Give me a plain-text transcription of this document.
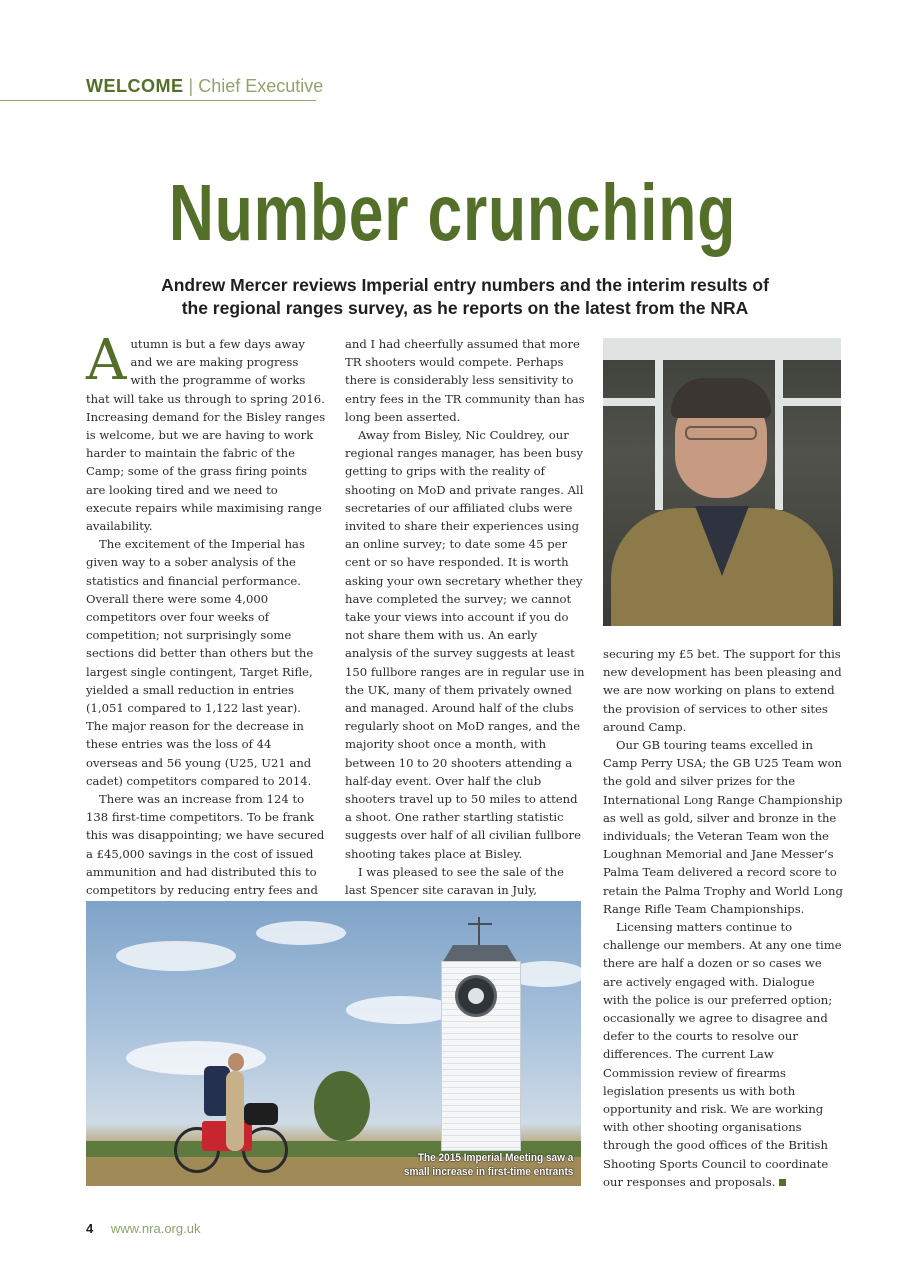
WELCOME | Chief Executive
Number crunching
Andrew Mercer reviews Imperial entry numbers and the interim results of
the regional ranges survey, as he reports on the latest from the NRA

Autumn is but a few days away and we are making progress with the programme of works that will take us through to spring 2016. Increasing demand for the Bisley ranges is welcome, but we are having to work harder to maintain the fabric of the Camp; some of the grass firing points are looking tired and we need to execute repairs while maximising range availability.

The excitement of the Imperial has given way to a sober analysis of the statistics and financial performance. Overall there were some 4,000 competitors over four weeks of competition; not surprisingly some sections did better than others but the largest single contingent, Target Rifle, yielded a small reduction in entries (1,051 compared to 1,122 last year). The major reason for the decrease in these entries was the loss of 44 overseas and 56 young (U25, U21 and cadet) competitors compared to 2014.

There was an increase from 124 to 138 first-time competitors. To be frank this was disappointing; we have secured a £45,000 savings in the cost of issued ammunition and had distributed this to competitors by reducing entry fees and

and I had cheerfully assumed that more TR shooters would compete. Perhaps there is considerably less sensitivity to entry fees in the TR community than has long been asserted.

Away from Bisley, Nic Couldrey, our regional ranges manager, has been busy getting to grips with the reality of shooting on MoD and private ranges. All secretaries of our affiliated clubs were invited to share their experiences using an online survey; to date some 45 per cent or so have responded. It is worth asking your own secretary whether they have completed the survey; we cannot take your views into account if you do not share them with us. An early analysis of the survey suggests at least 150 fullbore ranges are in regular use in the UK, many of them privately owned and managed. Around half of the clubs regularly shoot on MoD ranges, and the majority shoot once a month, with between 10 to 20 shooters attending a half-day event. Over half the club shooters travel up to 50 miles to attend a shoot. One rather startling statistic suggests over half of all civilian fullbore shooting takes place at Bisley.

I was pleased to see the sale of the last Spencer site caravan in July,

securing my £5 bet. The support for this new development has been pleasing and we are now working on plans to extend the provision of services to other sites around Camp.

Our GB touring teams excelled in Camp Perry USA; the GB U25 Team won the gold and silver prizes for the International Long Range Championship as well as gold, silver and bronze in the individuals; the Veteran Team won the Loughnan Memorial and Jane Messer’s Palma Team delivered a record score to retain the Palma Trophy and World Long Range Rifle Team Championships.

Licensing matters continue to challenge our members. At any one time there are half a dozen or so cases we are actively engaged with. Dialogue with the police is our preferred option; occasionally we agree to disagree and defer to the courts to resolve our differences. The current Law Commission review of firearms legislation presents us with both opportunity and risk. We are working with other shooting organisations through the good offices of the British Shooting Sports Council to coordinate our responses and proposals.

The 2015 Imperial Meeting saw a
small increase in first-time entrants
4 www.nra.org.uk
